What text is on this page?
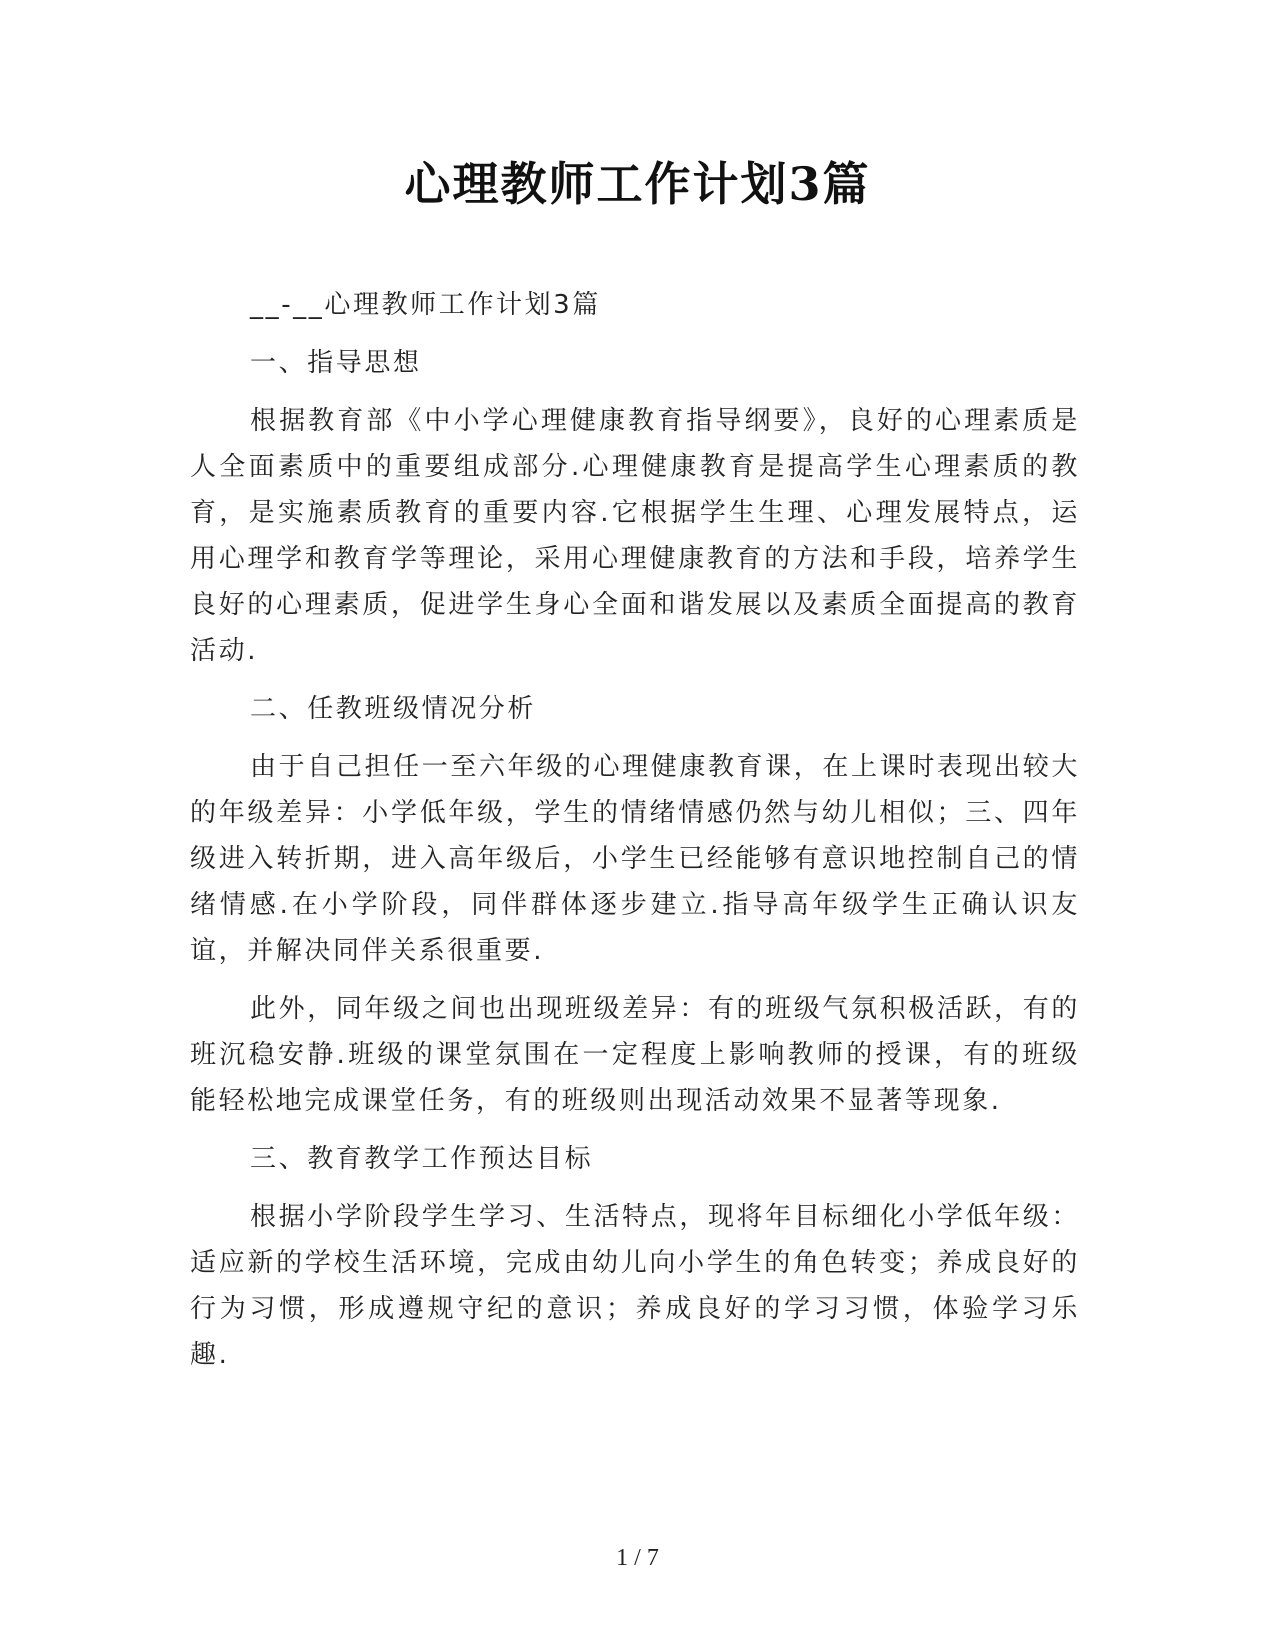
心理教师工作计划3篇

__-__心理教师工作计划3篇

一、指导思想

根据教育部《中小学心理健康教育指导纲要》，良好的心理素质是人全面素质中的重要组成部分.心理健康教育是提高学生心理素质的教育，是实施素质教育的重要内容.它根据学生生理、心理发展特点，运用心理学和教育学等理论，采用心理健康教育的方法和手段，培养学生良好的心理素质，促进学生身心全面和谐发展以及素质全面提高的教育活动.

二、任教班级情况分析

由于自己担任一至六年级的心理健康教育课，在上课时表现出较大的年级差异：小学低年级，学生的情绪情感仍然与幼儿相似；三、四年级进入转折期，进入高年级后，小学生已经能够有意识地控制自己的情绪情感.在小学阶段，同伴群体逐步建立.指导高年级学生正确认识友谊，并解决同伴关系很重要.

此外，同年级之间也出现班级差异：有的班级气氛积极活跃，有的班沉稳安静.班级的课堂氛围在一定程度上影响教师的授课，有的班级能轻松地完成课堂任务，有的班级则出现活动效果不显著等现象.

三、教育教学工作预达目标

根据小学阶段学生学习、生活特点，现将年目标细化小学低年级：适应新的学校生活环境，完成由幼儿向小学生的角色转变；养成良好的行为习惯，形成遵规守纪的意识；养成良好的学习习惯，体验学习乐趣.

1 / 7
